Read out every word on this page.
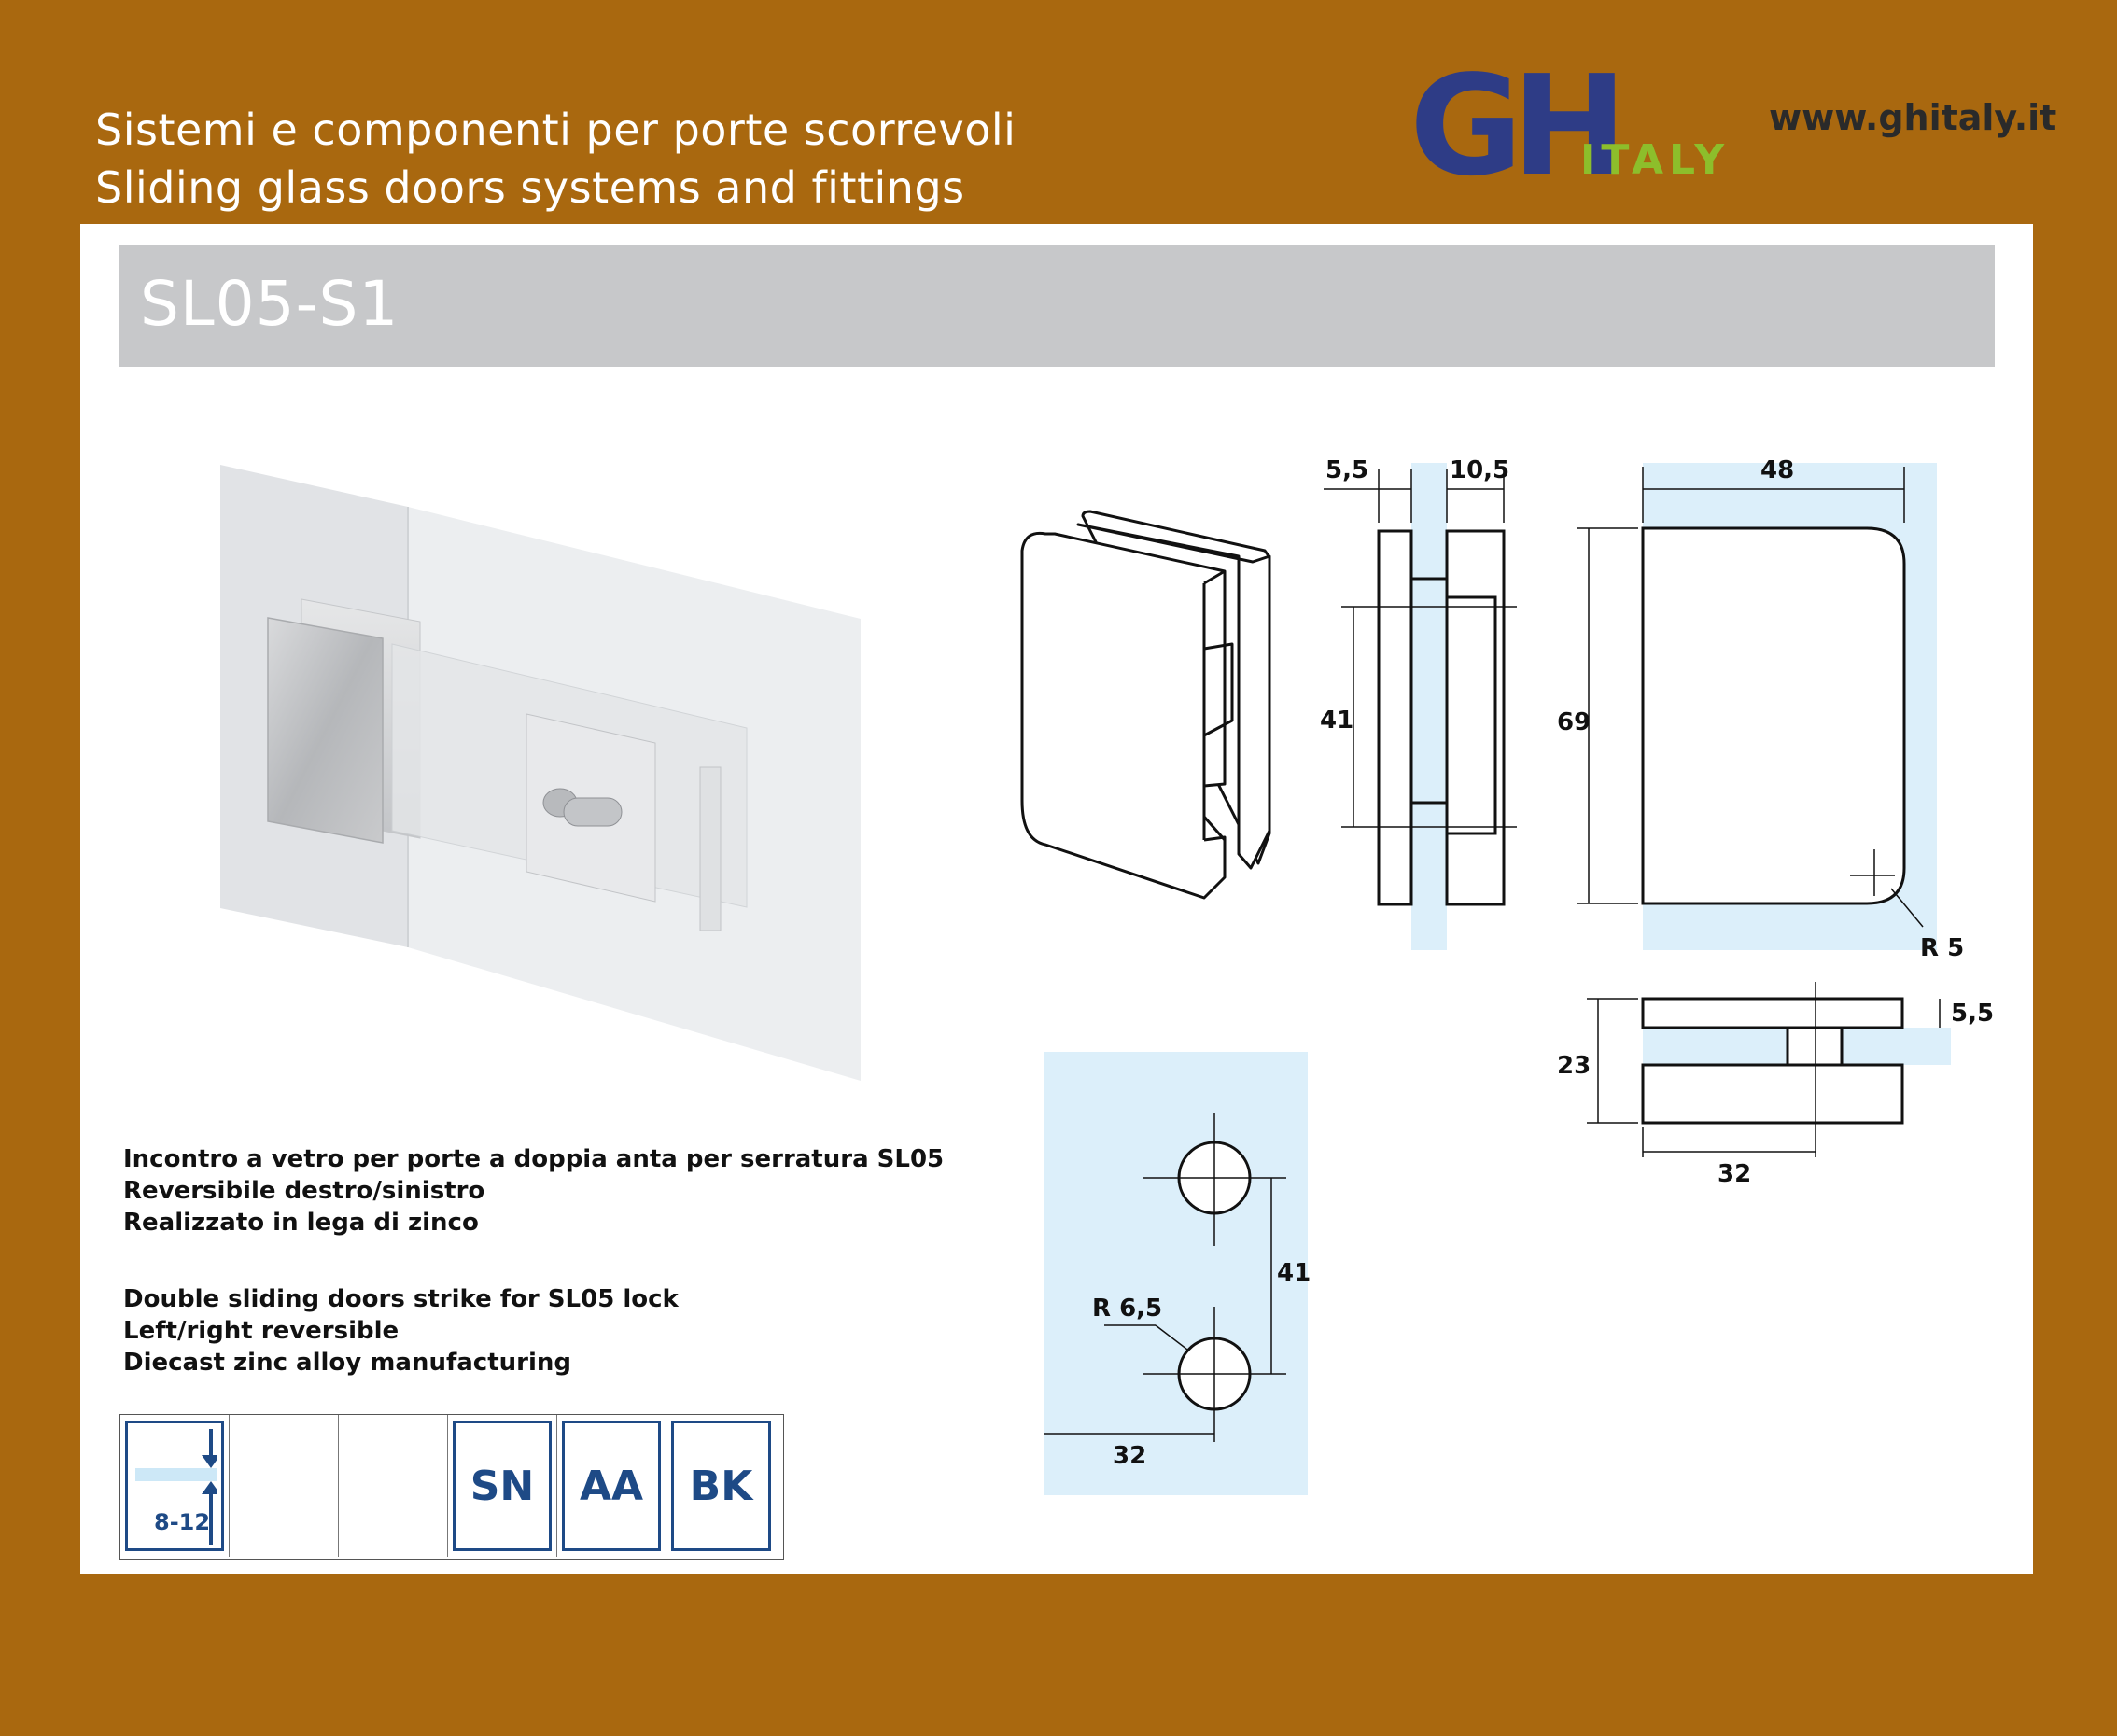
Sistemi e componenti per porte scorrevoli
Sliding glass doors systems and fittings	GH
ITALY
www.ghitaly.it
SL05-S1
5,5	10,5
41
48
69
R 5
23
5,5
32
41
R 6,5
32
Incontro a vetro per porte a doppia anta per serratura SL05
Reversibile destro/sinistro
Realizzato in lega di zinco
Double sliding doors strike for SL05 lock
Left/right reversible
Diecast zinc alloy manufacturing
8-12
SN	AA	BK
